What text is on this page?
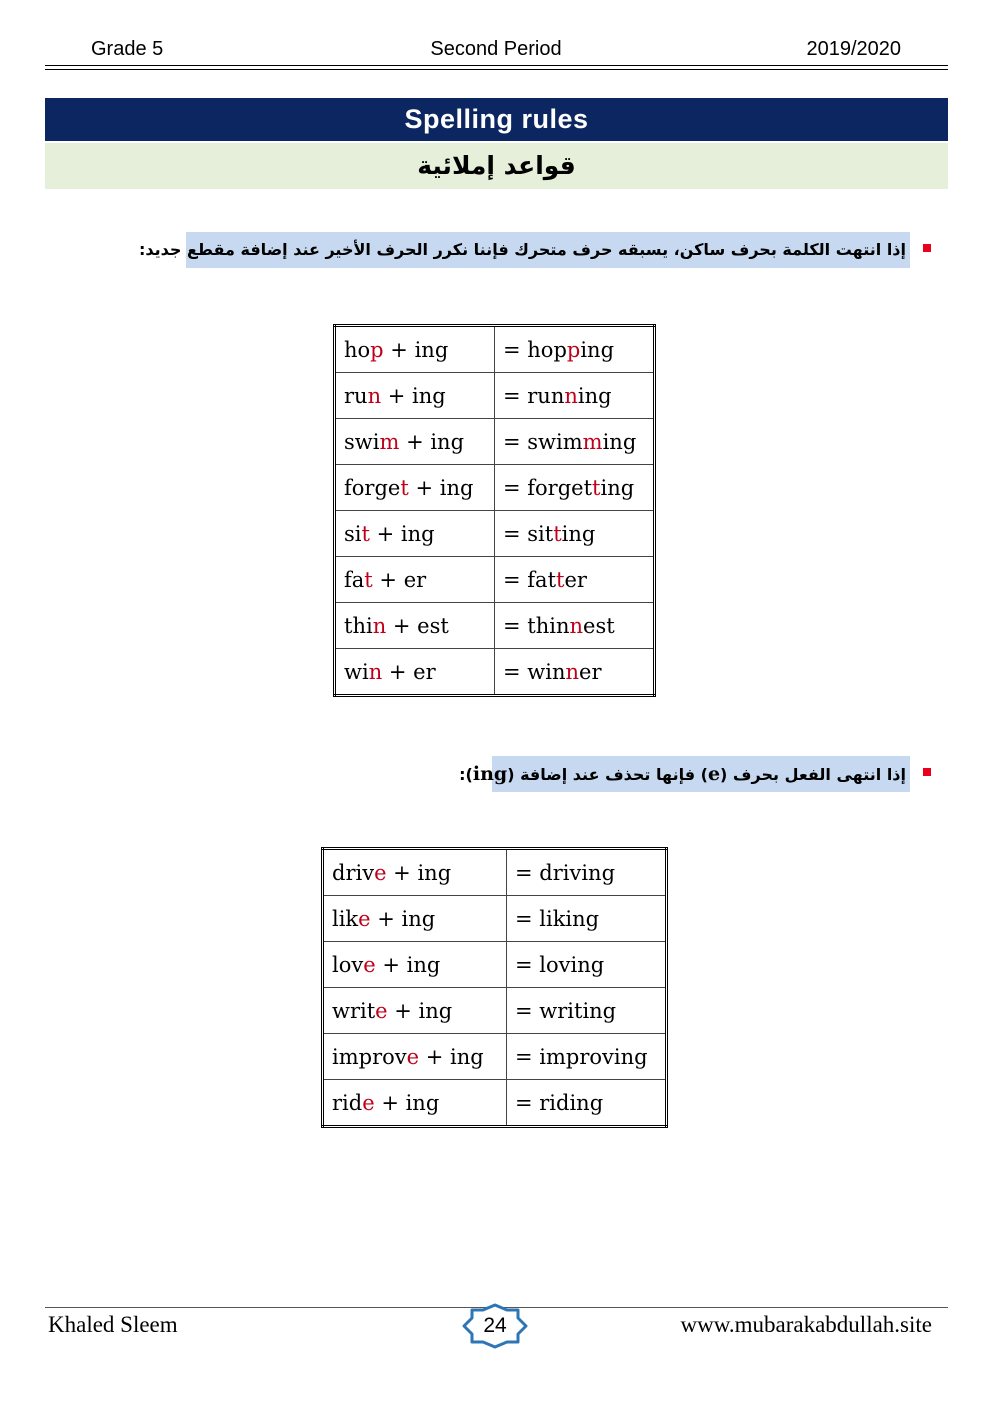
Grade 5	Second Period	2019/2020
Spelling rules
قواعد إملائية
إذا انتهت الكلمة بحرف ساكن، يسبقه حرف متحرك فإننا نكرر الحرف الأخير عند إضافة مقطع جديد:
hop + ing	= hopping
run + ing	= running
swim + ing	= swimming
forget + ing	= forgetting
sit + ing	= sitting
fat + er	= fatter
thin + est	= thinnest
win + er	= winner
إذا انتهى الفعل بحرف (e) فإنها تحذف عند إضافة (ing):
drive + ing	= driving
like + ing	= liking
love + ing	= loving
write + ing	= writing
improve + ing	= improving
ride + ing	= riding
Khaled Sleem	24	www.mubarakabdullah.site
